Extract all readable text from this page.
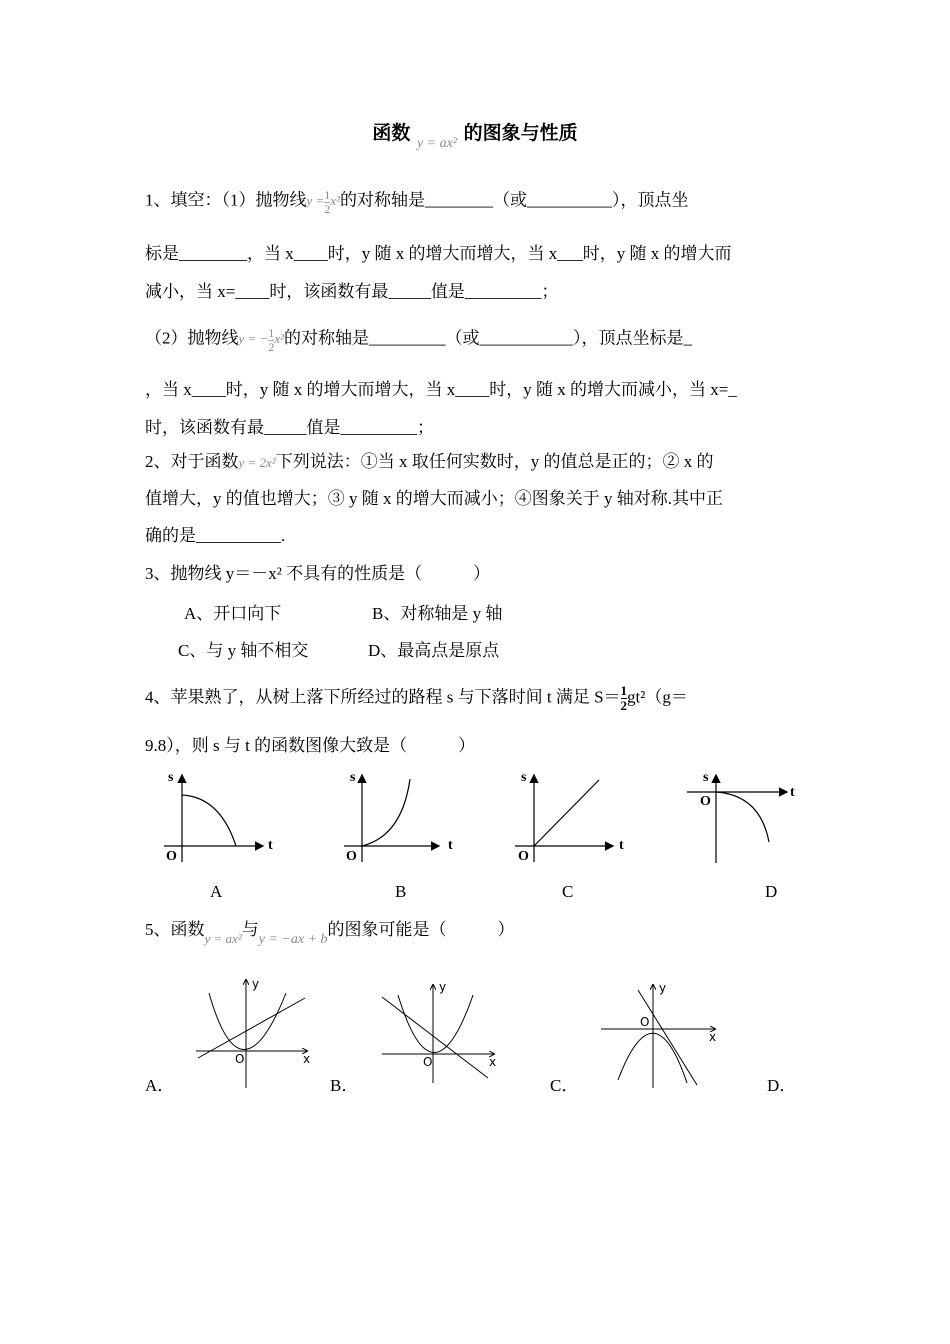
函数 $_{y = ax^2}$ 的图象与性质
1、填空：（1）抛物线$y = \frac{1}{2} x^2$的对称轴是________（或__________），顶点坐
标是________，当 x____时，y 随 x 的增大而增大，当 x___时，y 随 x 的增大而
减小，当 x=____时，该函数有最_____值是_________；
（2）抛物线y = − $\frac{1}{2} x^2$的对称轴是_________（或___________），顶点坐标是_
，当 x____时，y 随 x 的增大而增大，当 x____时，y 随 x 的增大而减小，当 x=_
时，该函数有最_____值是_________；
2、对于函数y = 2x²下列说法：①当 x 取任何实数时，y 的值总是正的；② x 的
值增大，y 的值也增大；③ y 随 x 的增大而减小；④图象关于 y 轴对称.其中正
确的是__________.
3、抛物线 y＝－x² 不具有的性质是（　　　）
A、开口向下	B、对称轴是 y 轴
C、与 y 轴不相交	D、最高点是原点
4、苹果熟了，从树上落下所经过的路程 s 与下落时间 t 满足 $S= \frac{1}{2} gt^2(g=$
9.8），则 s 与 t 的函数图像大致是（　　　）
s
O
t
s
O
t
s
O
t
s
O
t
A	B	C	D
5、函数$_{y = ax^2}$与$_{y = -ax + b}$的图象可能是（　　　）
y
O	x
y
O	x
y
O
x
A．	B．	C．	D．
